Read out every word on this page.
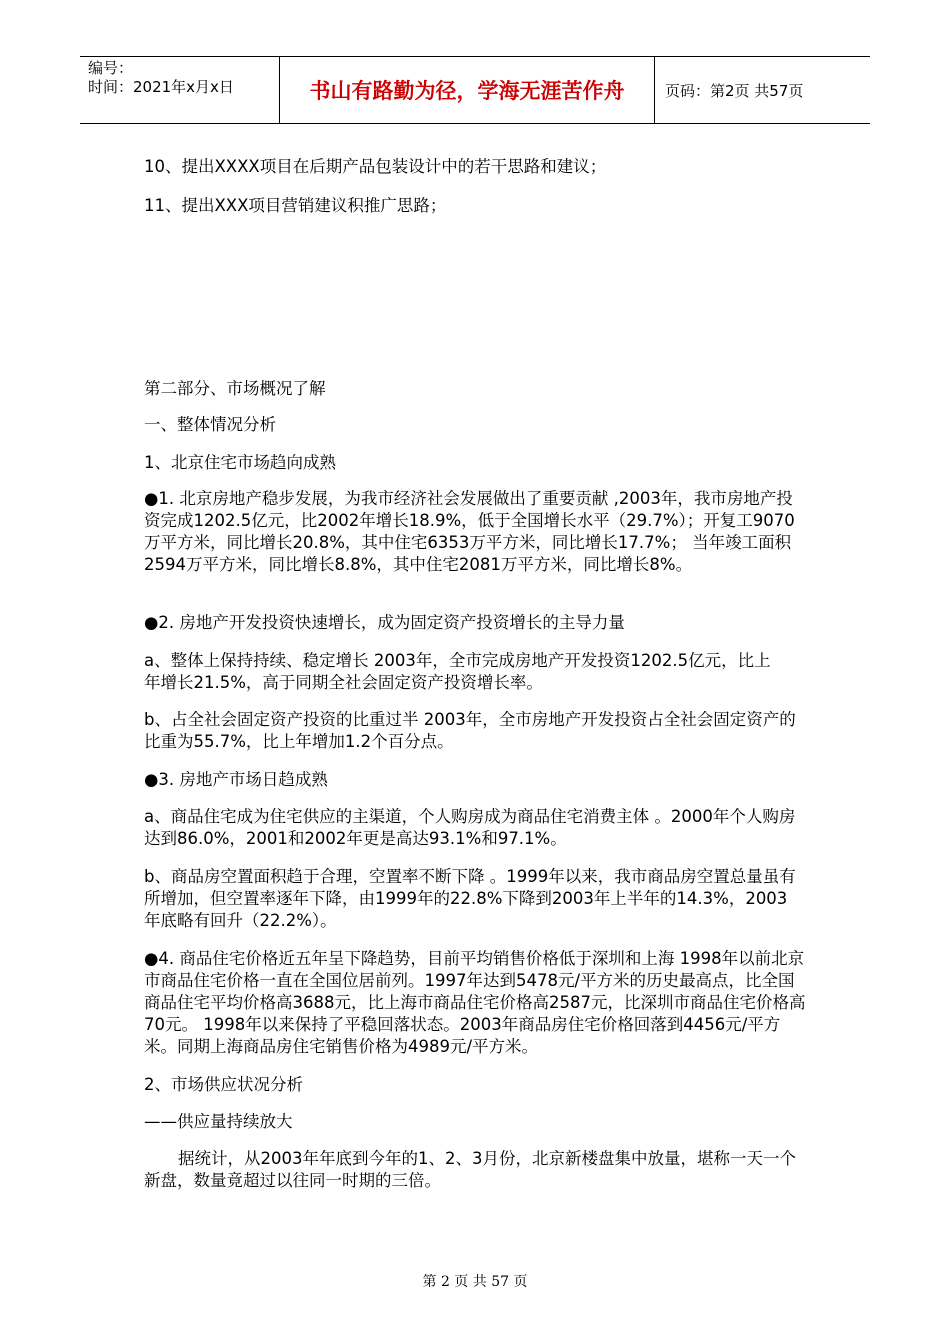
编号：
时间：2021年x月x日	书山有路勤为径，学海无涯苦作舟	页码：第2页 共57页

10、提出XXXX项目在后期产品包装设计中的若干思路和建议；

11、提出XXX项目营销建议积推广思路；

第二部分、市场概况了解

一、整体情况分析

1、北京住宅市场趋向成熟

●1. 北京房地产稳步发展，为我市经济社会发展做出了重要贡献 ,2003年，我市房地产投资完成1202.5亿元，比2002年增长18.9%，低于全国增长水平（29.7%）；开复工9070万平方米，同比增长20.8%，其中住宅6353万平方米，同比增长17.7%； 当年竣工面积2594万平方米，同比增长8.8%，其中住宅2081万平方米，同比增长8%。

●2. 房地产开发投资快速增长，成为固定资产投资增长的主导力量

a、整体上保持持续、稳定增长 2003年，全市完成房地产开发投资1202.5亿元，比上年增长21.5%，高于同期全社会固定资产投资增长率。

b、占全社会固定资产投资的比重过半 2003年，全市房地产开发投资占全社会固定资产的比重为55.7%，比上年增加1.2个百分点。

●3. 房地产市场日趋成熟

a、商品住宅成为住宅供应的主渠道，个人购房成为商品住宅消费主体 。2000年个人购房达到86.0%，2001和2002年更是高达93.1%和97.1%。

b、商品房空置面积趋于合理，空置率不断下降 。1999年以来，我市商品房空置总量虽有所增加，但空置率逐年下降，由1999年的22.8%下降到2003年上半年的14.3%，2003年底略有回升（22.2%）。

●4. 商品住宅价格近五年呈下降趋势，目前平均销售价格低于深圳和上海 1998年以前北京市商品住宅价格一直在全国位居前列。1997年达到5478元/平方米的历史最高点，比全国商品住宅平均价格高3688元，比上海市商品住宅价格高2587元，比深圳市商品住宅价格高70元。 1998年以来保持了平稳回落状态。2003年商品房住宅价格回落到4456元/平方米。同期上海商品房住宅销售价格为4989元/平方米。

2、市场供应状况分析

——供应量持续放大

据统计，从2003年年底到今年的1、2、3月份，北京新楼盘集中放量，堪称一天一个新盘，数量竟超过以往同一时期的三倍。

第 2 页 共 57 页
